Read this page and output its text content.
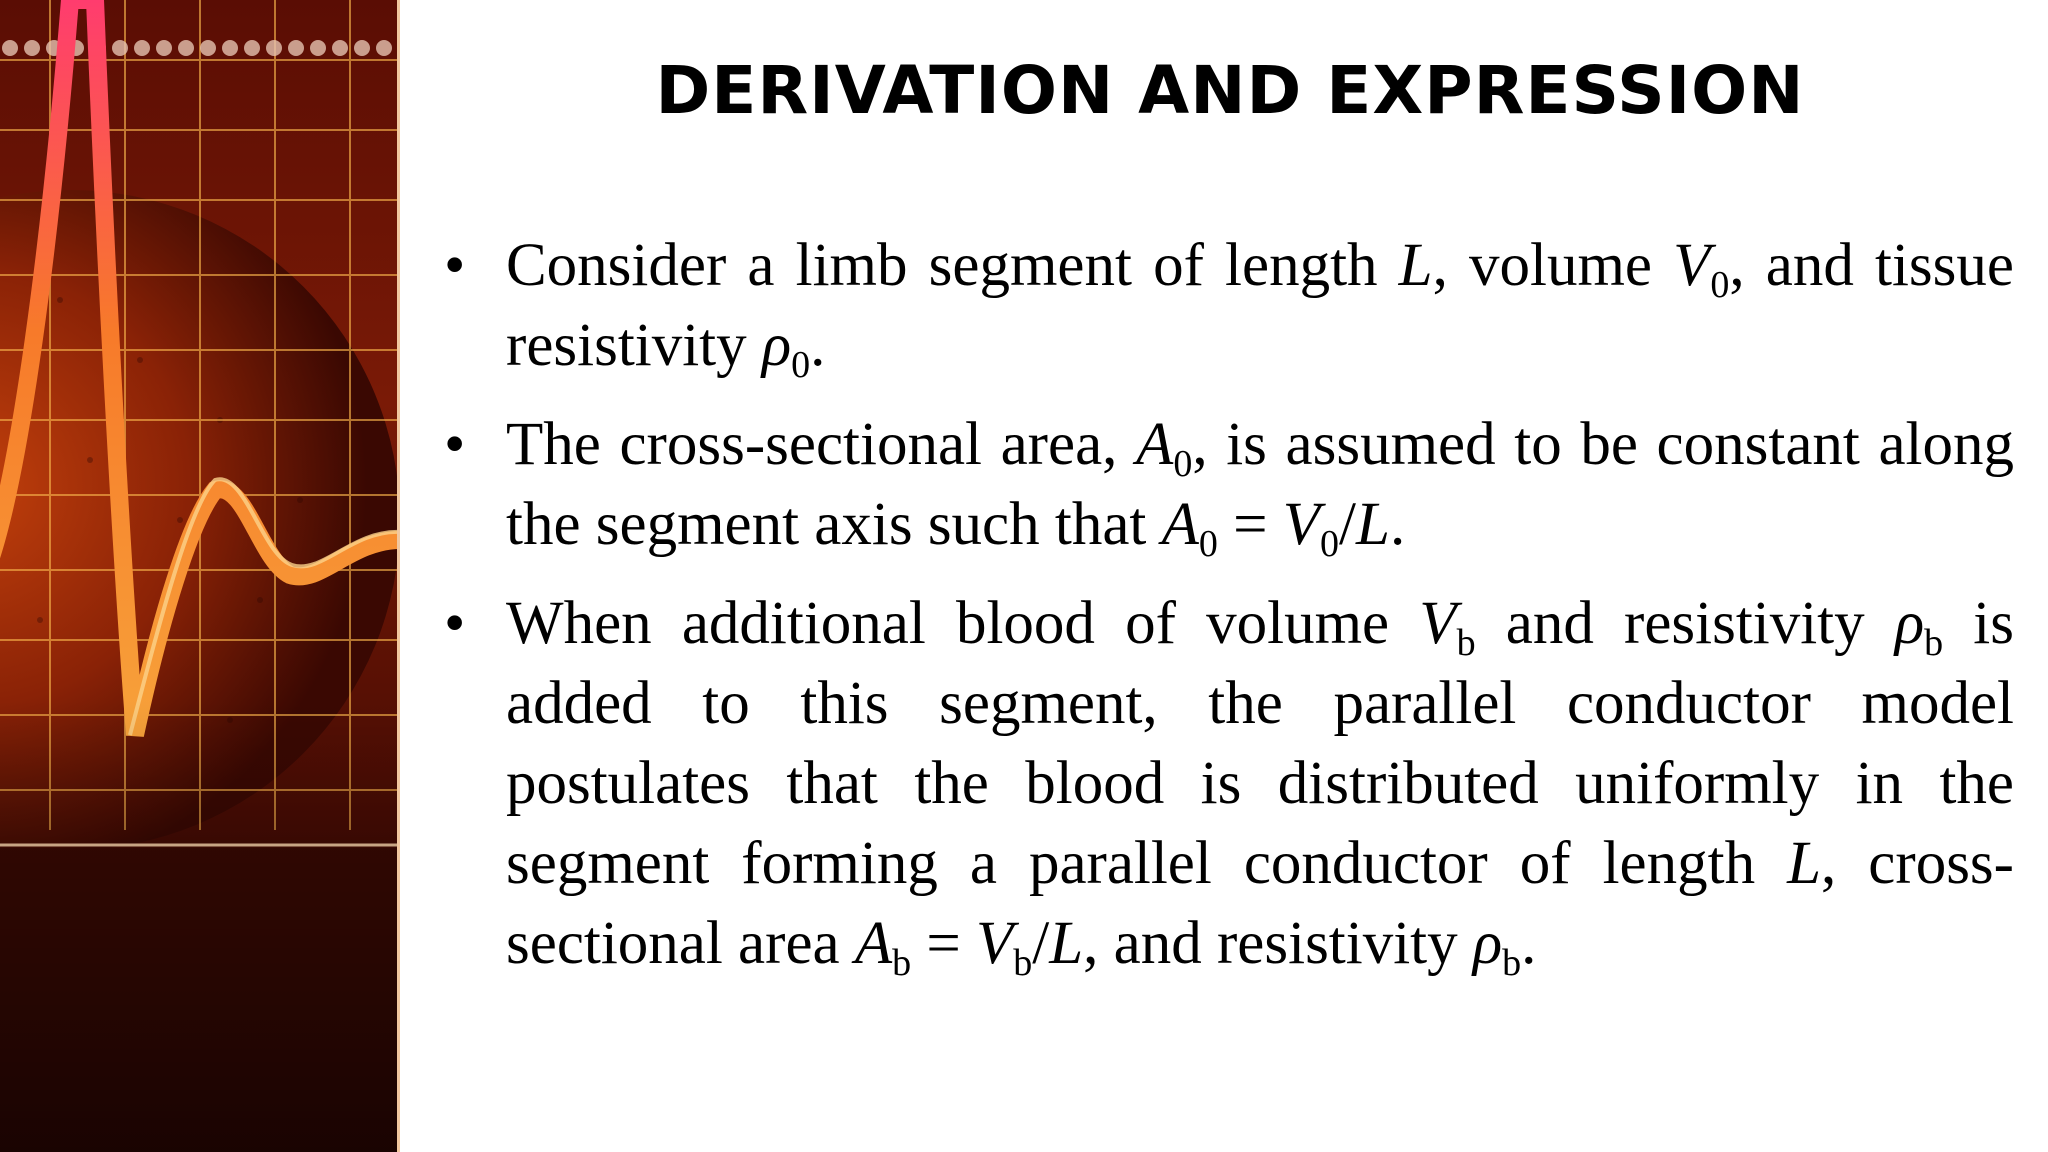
DERIVATION AND EXPRESSION
• Consider a limb segment of length L, volume $V_0$, and tissue resistivity $\rho_0$.
• The cross-sectional area, $A_0$, is assumed to be constant along the segment axis such that $A_0 = V_0/L$.
• When additional blood of volume $V_b$ and resistivity $\rho_b$ is added to this segment, the parallel conductor model postulates that the blood is distributed uniformly in the segment forming a parallel conductor of length L, cross-sectional area $A_b = V_b/L$, and resistivity $\rho_b$.
